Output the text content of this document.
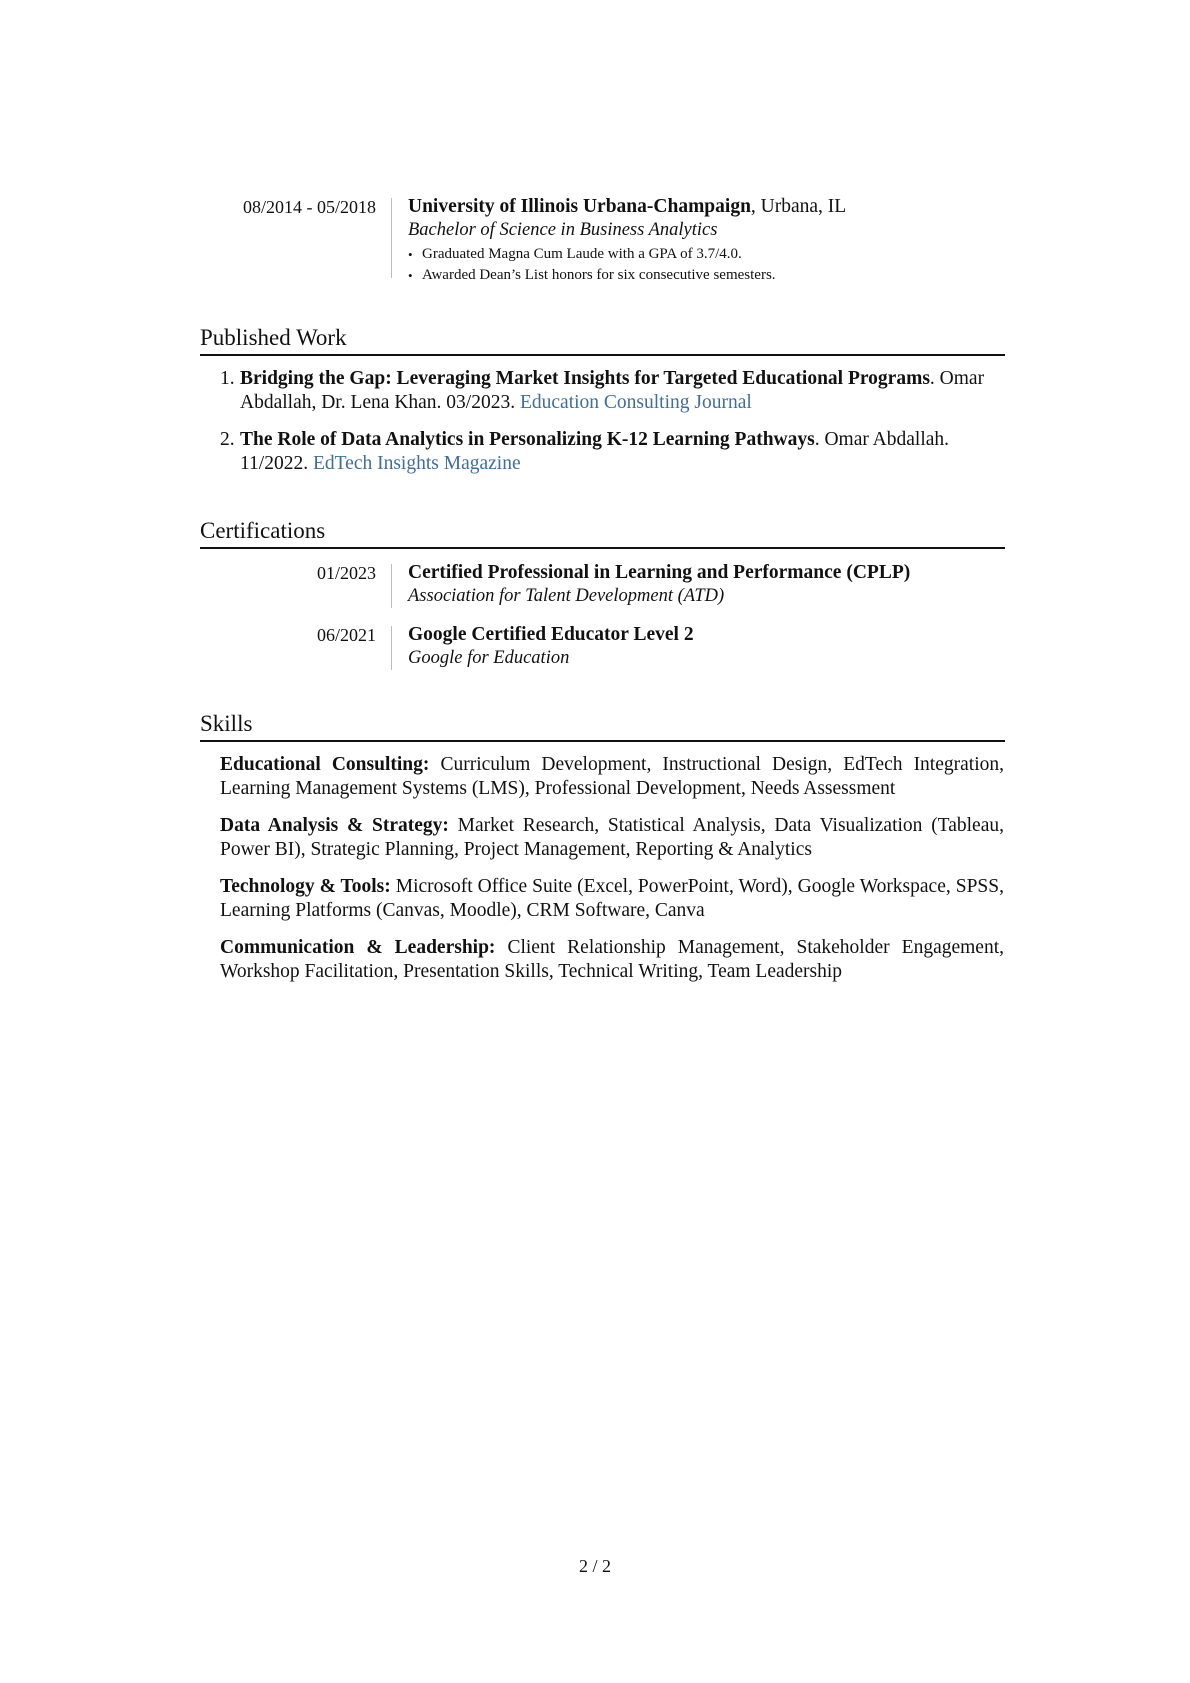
08/2014 - 05/2018 University of Illinois Urbana-Champaign, Urbana, IL
Bachelor of Science in Business Analytics
• Graduated Magna Cum Laude with a GPA of 3.7/4.0.
• Awarded Dean’s List honors for six consecutive semesters.
Published Work
1. Bridging the Gap: Leveraging Market Insights for Targeted Educational Programs. Omar Abdallah, Dr. Lena Khan. 03/2023. Education Consulting Journal
2. The Role of Data Analytics in Personalizing K-12 Learning Pathways. Omar Abdallah. 11/2022. EdTech Insights Magazine
Certifications
01/2023 Certified Professional in Learning and Performance (CPLP)
Association for Talent Development (ATD)
06/2021 Google Certified Educator Level 2
Google for Education
Skills
Educational Consulting: Curriculum Development, Instructional Design, EdTech Integration, Learning Management Systems (LMS), Professional Development, Needs Assessment
Data Analysis & Strategy: Market Research, Statistical Analysis, Data Visualization (Tableau, Power BI), Strategic Planning, Project Management, Reporting & Analytics
Technology & Tools: Microsoft Office Suite (Excel, PowerPoint, Word), Google Workspace, SPSS, Learning Platforms (Canvas, Moodle), CRM Software, Canva
Communication & Leadership: Client Relationship Management, Stakeholder Engagement, Workshop Facilitation, Presentation Skills, Technical Writing, Team Leadership
2 / 2
